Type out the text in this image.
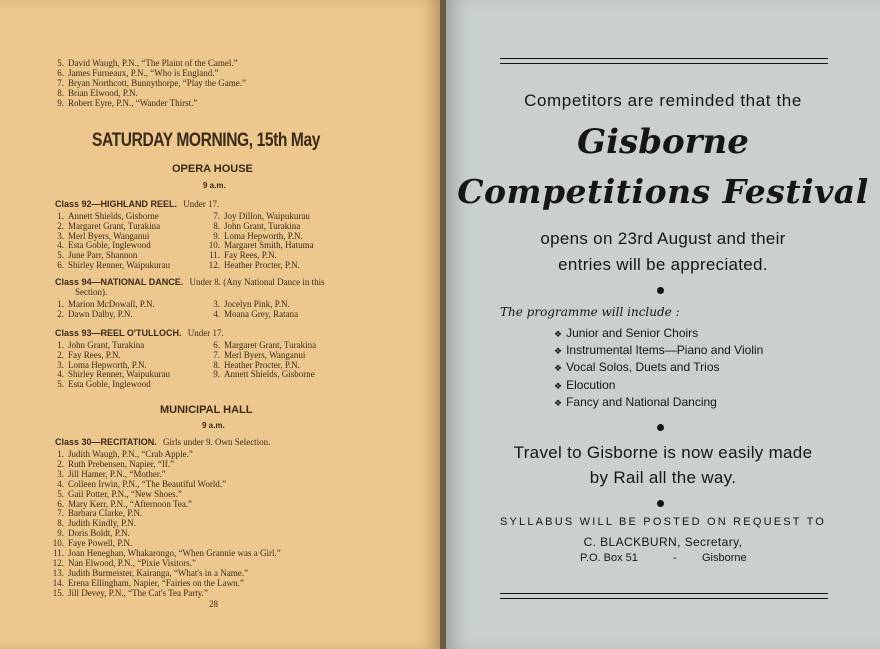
5. David Waugh, P.N., “The Plaint of the Camel.”
6. James Furneaux, P.N., “Who is England.”
7. Bryan Northcott, Bunnythorpe, “Play the Game.”
8. Brian Elwood, P.N.
9. Robert Eyre, P.N., “Wander Thirst.”
SATURDAY MORNING, 15th May
OPERA HOUSE
9 a.m.
Class 92—HIGHLAND REEL. Under 17.
1. Annett Shields, Gisborne
2. Margaret Grant, Turakina
3. Merl Byers, Wanganui
4. Esta Goble, Inglewood
5. June Parr, Shannon
6. Shirley Renner, Waipukurau
7. Joy Dillon, Waipukurau
8. John Grant, Turakina
9. Loma Hepworth, P.N.
10. Margaret Smith, Hatuma
11. Fay Rees, P.N.
12. Heather Procter, P.N.
Class 94—NATIONAL DANCE. Under 8. (Any National Dance in this
Section).
1. Marion McDowall, P.N.
2. Dawn Dalby, P.N.
3. Jocelyn Pink, P.N.
4. Moana Grey, Ratana
Class 93—REEL O'TULLOCH. Under 17.
1. John Grant, Turakina
2. Fay Rees, P.N.
3. Loma Hepworth, P.N.
4. Shirley Renner, Waipukurau
5. Esta Goble, Inglewood
6. Margaret Grant, Turakina
7. Merl Byers, Wanganui
8. Heather Procter, P.N.
9. Annett Shields, Gisborne
MUNICIPAL HALL
9 a.m.
Class 30—RECITATION. Girls under 9. Own Selection.
1. Judith Waugh, P.N., “Crab Apple.”
2. Ruth Prebensen, Napier, “If.”
3. Jill Hamer, P.N., “Mother.”
4. Colleen Irwin, P.N., “The Beautiful World.”
5. Gail Potter, P.N., “New Shoes.”
6. Mary Kerr, P.N., “Afternoon Tea.”
7. Barbara Clarke, P.N.
8. Judith Kindly, P.N.
9. Doris Boldt, P.N.
10. Faye Powell, P.N.
11. Joan Heneghan, Whakarongo, “When Grannie was a Girl.”
12. Nan Elwood, P.N., “Pixie Visitors.”
13. Judith Burmeister, Kairanga, “What's in a Name.”
14. Erena Ellingham, Napier, “Fairies on the Lawn.”
15. Jill Devey, P.N., “The Cat's Tea Party.”
28
Competitors are reminded that the
Gisborne
Competitions Festival
opens on 23rd August and their
entries will be appreciated.
The programme will include :
❖ Junior and Senior Choirs
❖ Instrumental Items—Piano and Violin
❖ Vocal Solos, Duets and Trios
❖ Elocution
❖ Fancy and National Dancing
Travel to Gisborne is now easily made
by Rail all the way.
SYLLABUS WILL BE POSTED ON REQUEST TO
C. BLACKBURN, Secretary,
P.O. Box 51	- Gisborne
